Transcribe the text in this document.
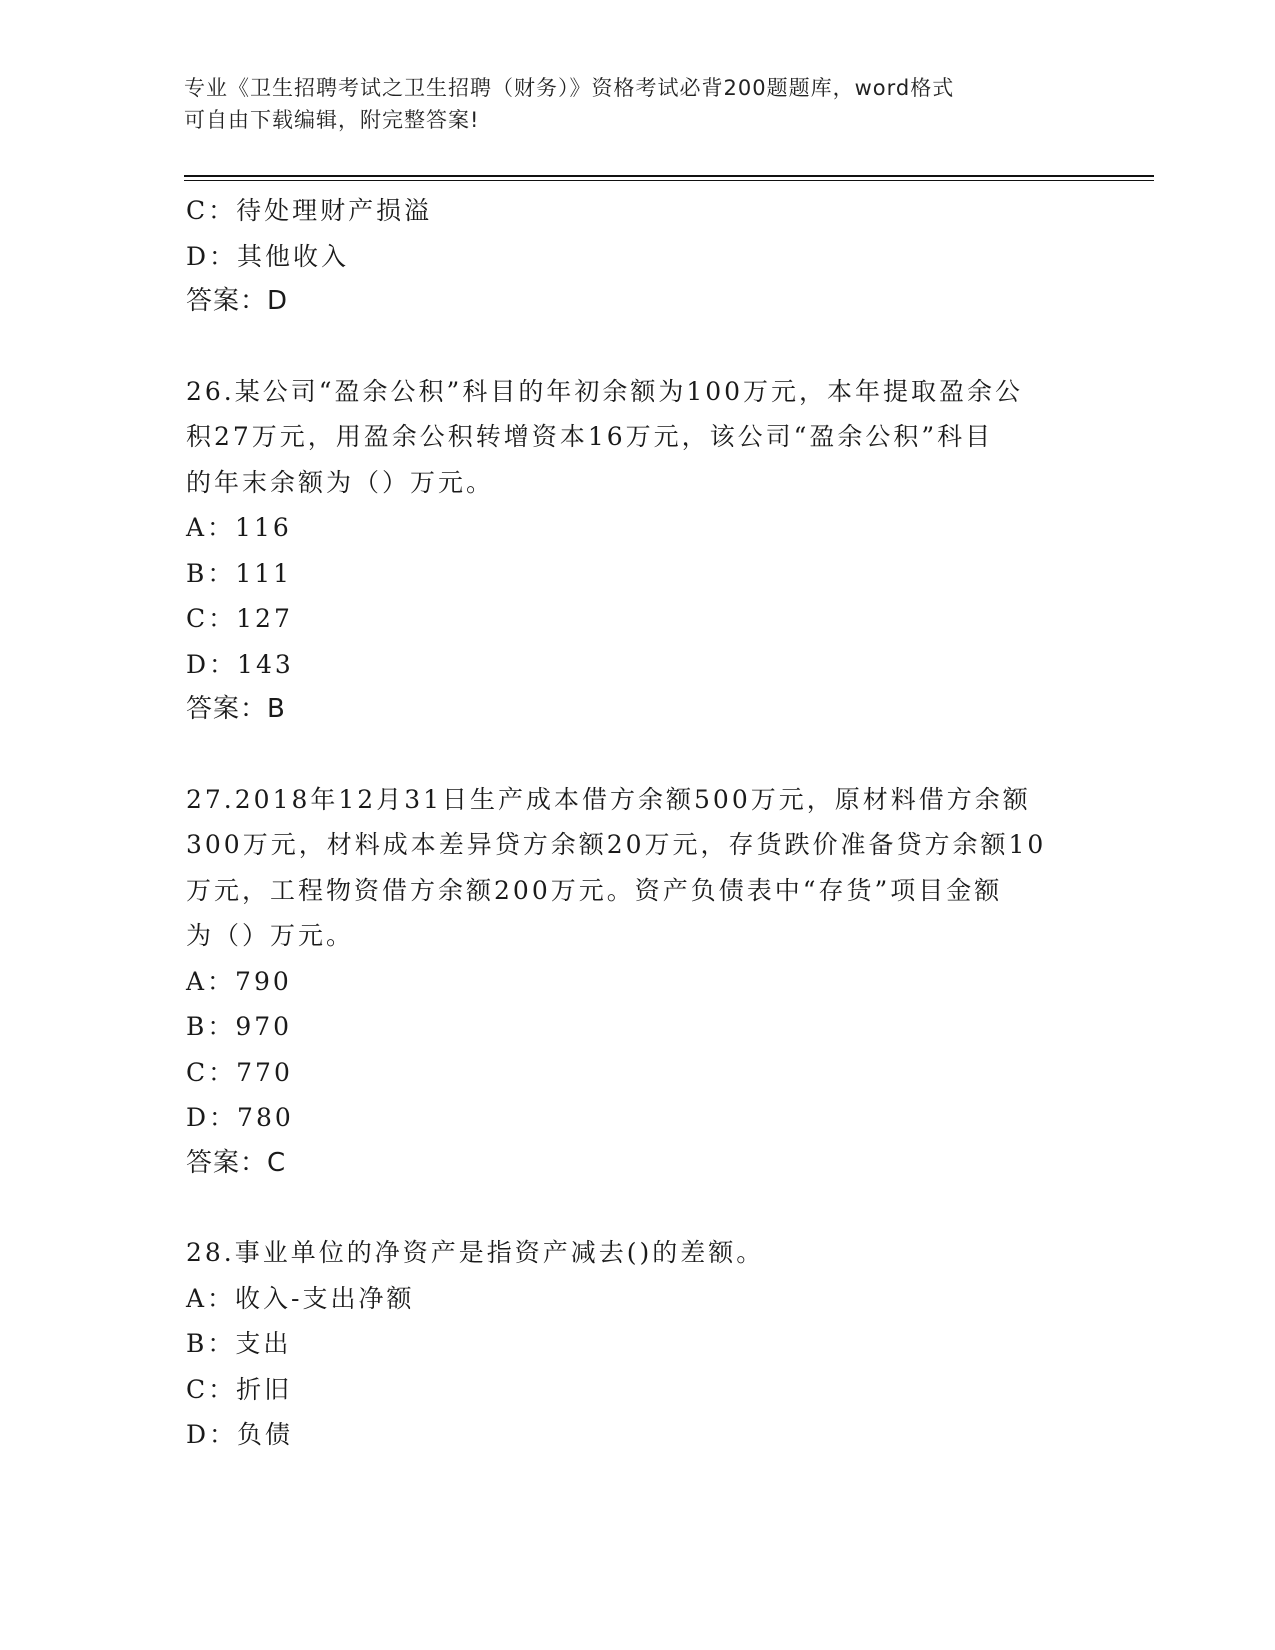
专业《卫生招聘考试之卫生招聘（财务）》资格考试必背200题题库，word格式
可自由下载编辑，附完整答案!
C：待处理财产损溢
D：其他收入
答案：D
26.某公司“盈余公积”科目的年初余额为100万元，本年提取盈余公
积27万元，用盈余公积转增资本16万元，该公司“盈余公积”科目
的年末余额为（）万元。
A：116
B：111
C：127
D：143
答案：B
27.2018年12月31日生产成本借方余额500万元，原材料借方余额
300万元，材料成本差异贷方余额20万元，存货跌价准备贷方余额10
万元，工程物资借方余额200万元。资产负债表中“存货”项目金额
为（）万元。
A：790
B：970
C：770
D：780
答案：C
28.事业单位的净资产是指资产减去()的差额。
A：收入-支出净额
B：支出
C：折旧
D：负债
